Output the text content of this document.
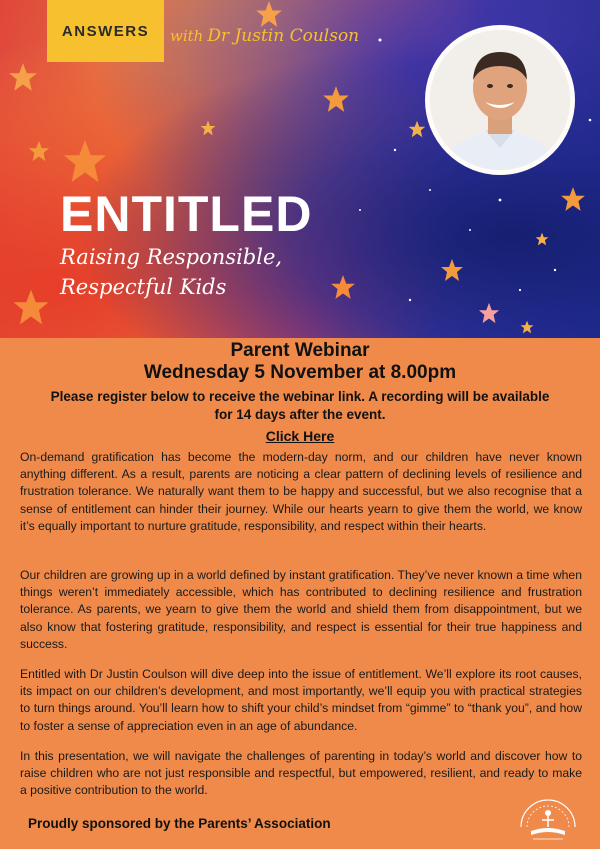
ANSWERS	with Dr Justin Coulson
ENTITLED
Raising Responsible,
Respectful Kids
Parent Webinar
Wednesday 5 November at 8.00pm
Please register below to receive the webinar link. A recording will be available
for 14 days after the event.
Click Here
On-demand gratification has become the modern-day norm, and our children have never known anything different. As a result, parents are noticing a clear pattern of declining levels of resilience and frustration tolerance. We naturally want them to be happy and successful, but we also recognise that a sense of entitlement can hinder their journey. While our hearts yearn to give them the world, we know it’s equally important to nurture gratitude, responsibility, and respect within their hearts.
Our children are growing up in a world defined by instant gratification. They’ve never known a time when things weren’t immediately accessible, which has contributed to declining resilience and frustration tolerance. As parents, we yearn to give them the world and shield them from disappointment, but we also know that fostering gratitude, responsibility, and respect is essential for their true happiness and success.
Entitled with Dr Justin Coulson will dive deep into the issue of entitlement. We’ll explore its root causes, its impact on our children’s development, and most importantly, we’ll equip you with practical strategies to turn things around. You’ll learn how to shift your child’s mindset from “gimme” to “thank you”, and how to foster a sense of appreciation even in an age of abundance.
In this presentation, we will navigate the challenges of parenting in today’s world and discover how to raise children who are not just responsible and respectful, but empowered, resilient, and ready to make a positive contribution to the world.
Proudly sponsored by the Parents’ Association
